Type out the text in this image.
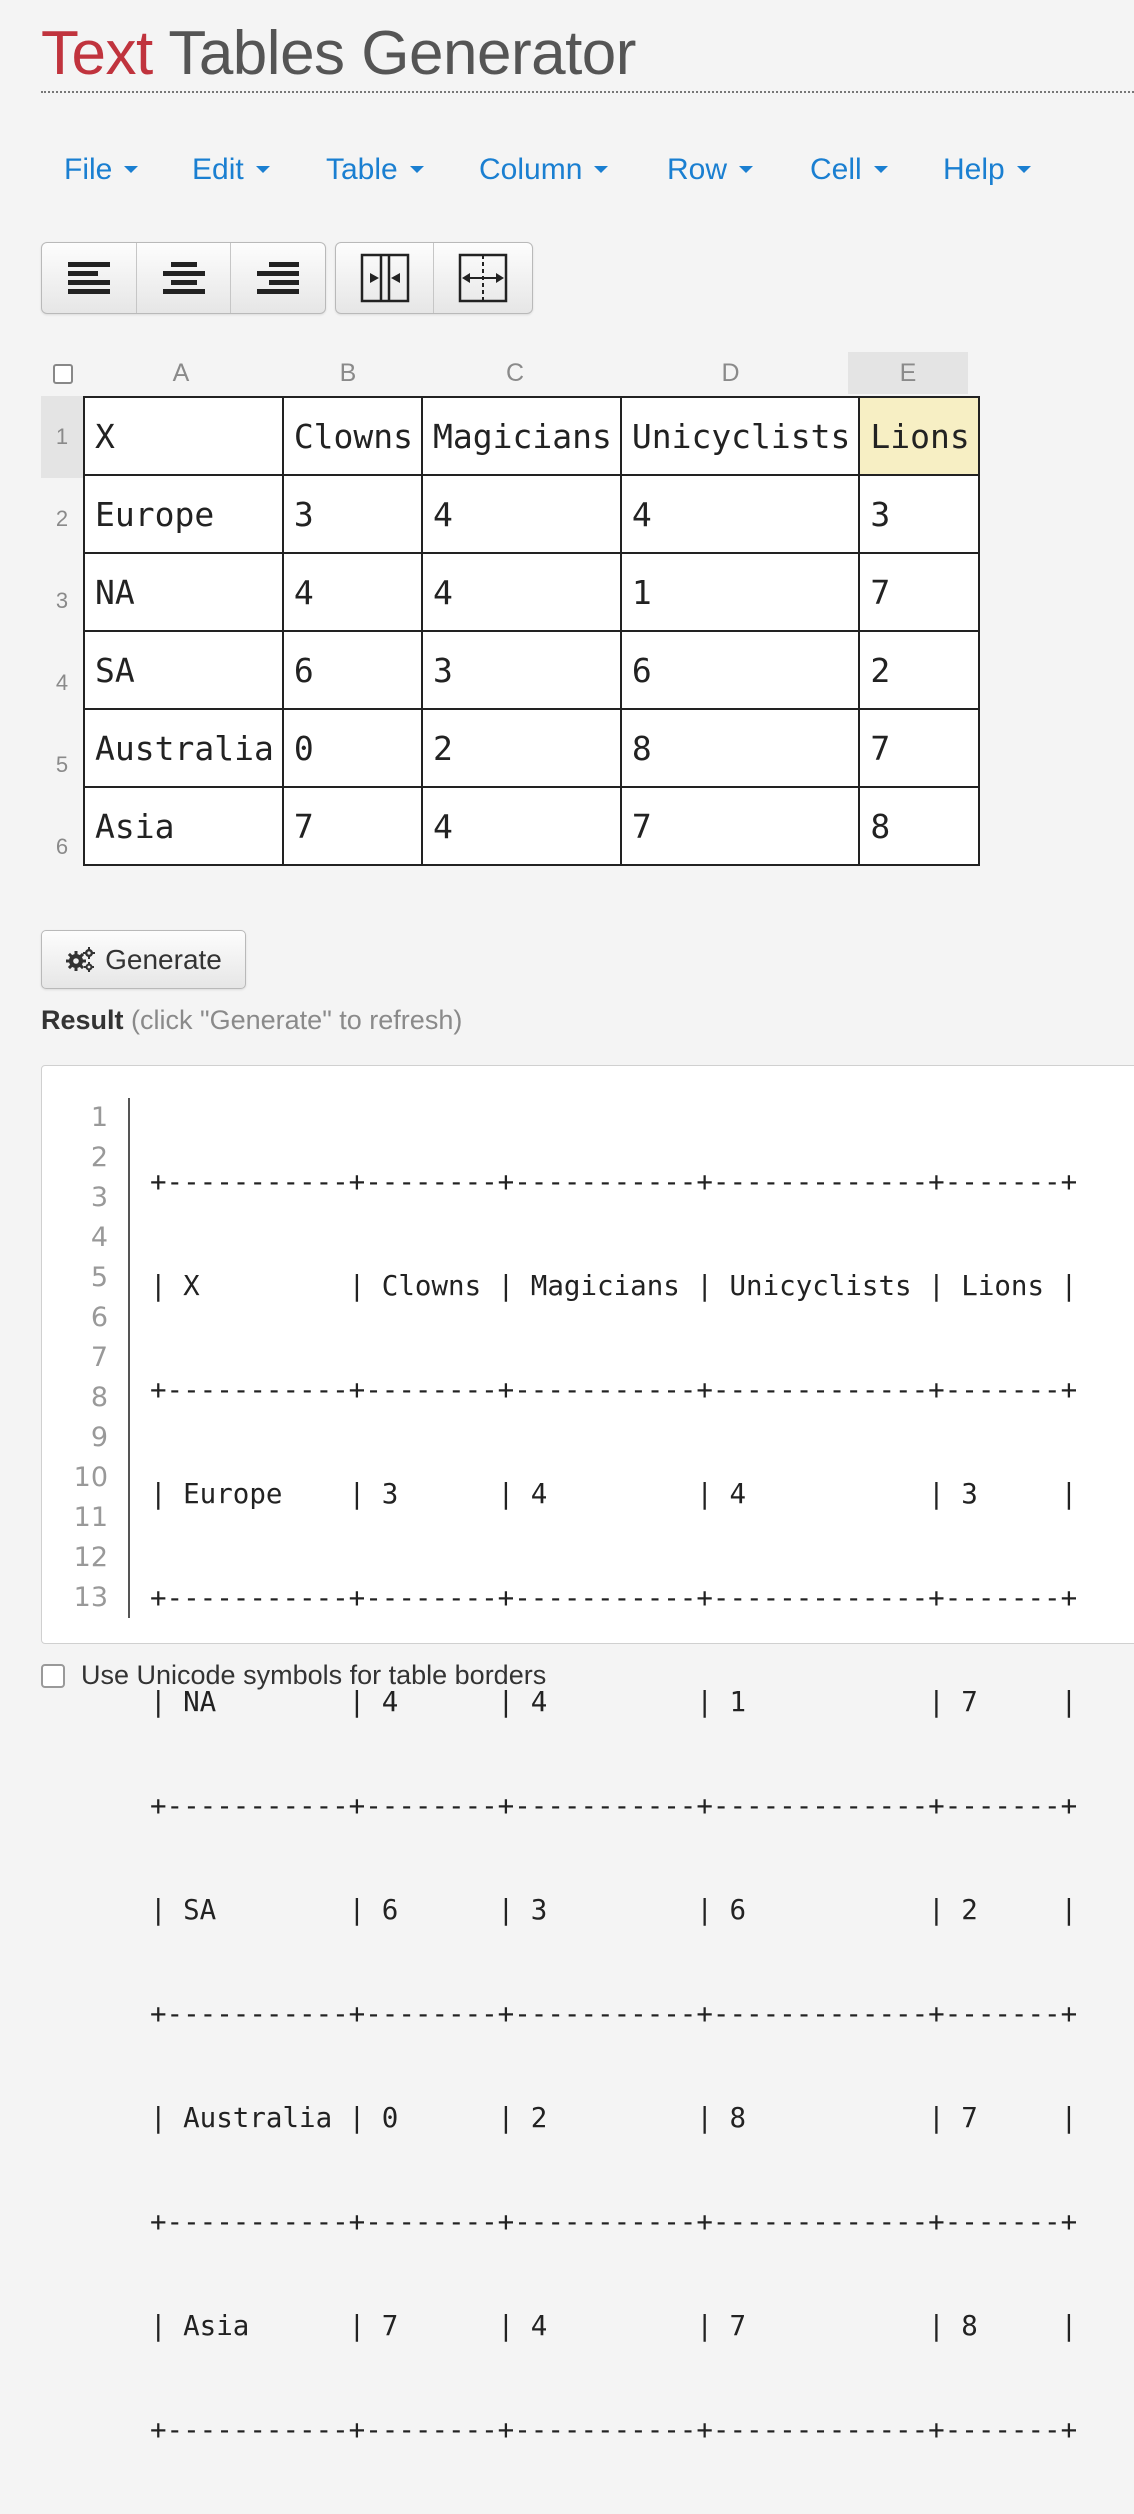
Text Tables Generator
File	Edit	Table	Column	Row	Cell	Help
A	B	C	D	E
1
2
3
4
5
6
X	Clowns	Magicians	Unicyclists	Lions
Europe	3	4	4	3
NA	4	4	1	7
SA	6	3	6	2
Australia	0	2	8	7
Asia	7	4	7	8
Generate
Result (click "Generate" to refresh)
1
2
3
4
5
6
7
8
9
10
11
12
13

+-----------+--------+-----------+-------------+-------+

| X         | Clowns | Magicians | Unicyclists | Lions |

+-----------+--------+-----------+-------------+-------+

| Europe    | 3      | 4         | 4           | 3     |

+-----------+--------+-----------+-------------+-------+

| NA        | 4      | 4         | 1           | 7     |

+-----------+--------+-----------+-------------+-------+

| SA        | 6      | 3         | 6           | 2     |

+-----------+--------+-----------+-------------+-------+

| Australia | 0      | 2         | 8           | 7     |

+-----------+--------+-----------+-------------+-------+

| Asia      | 7      | 4         | 7           | 8     |

+-----------+--------+-----------+-------------+-------+

Use Unicode symbols for table borders
